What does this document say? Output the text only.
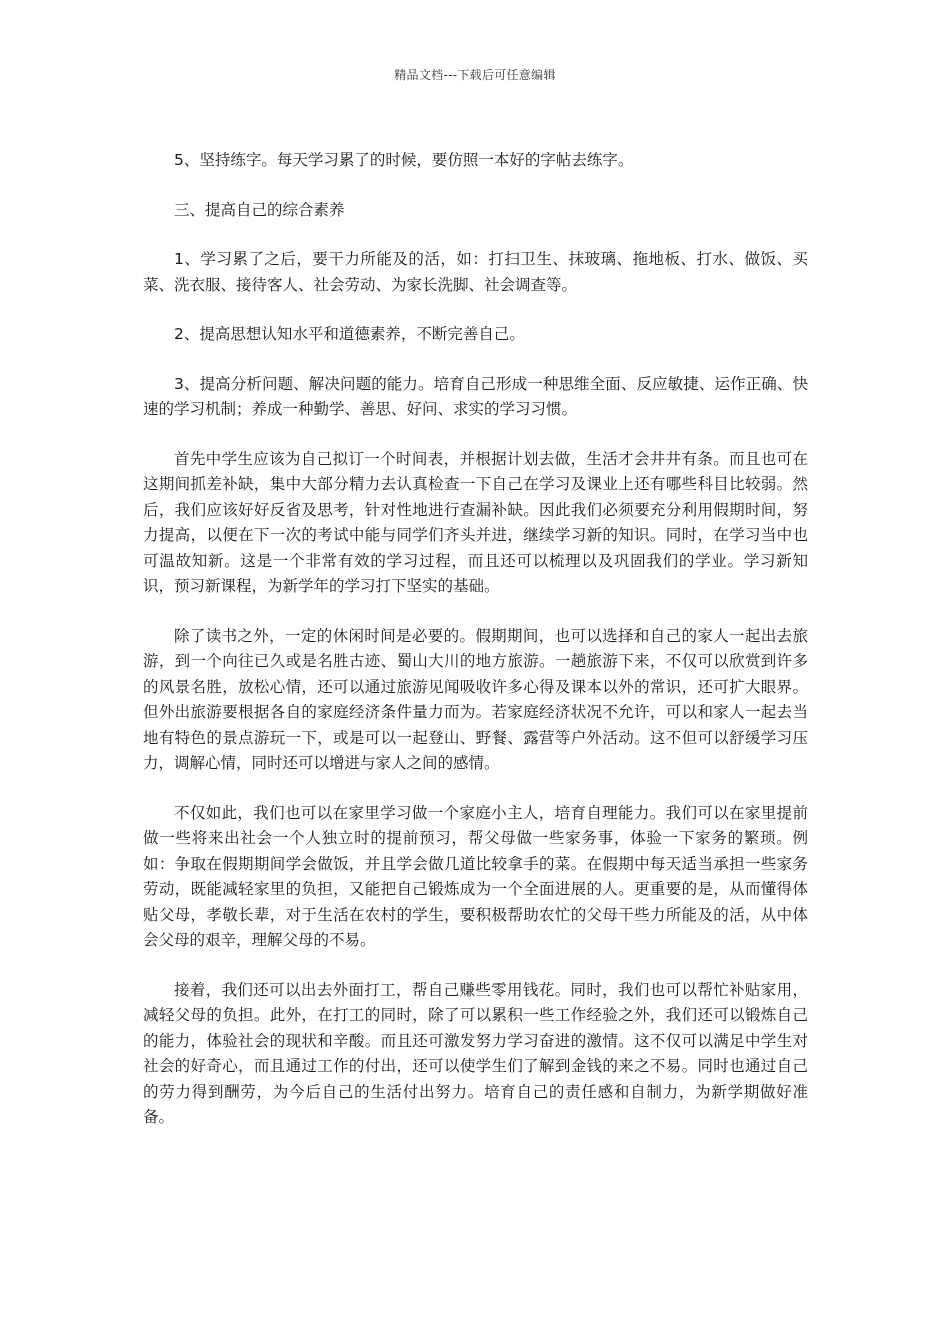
精品文档---下载后可任意编辑

5、坚持练字。每天学习累了的时候，要仿照一本好的字帖去练字。

三、提高自己的综合素养

1、学习累了之后，要干力所能及的活，如：打扫卫生、抹玻璃、拖地板、打水、做饭、买菜、洗衣服、接待客人、社会劳动、为家长洗脚、社会调查等。

2、提高思想认知水平和道德素养，不断完善自己。

3、提高分析问题、解决问题的能力。培育自己形成一种思维全面、反应敏捷、运作正确、快速的学习机制；养成一种勤学、善思、好问、求实的学习习惯。

首先中学生应该为自己拟订一个时间表，并根据计划去做，生活才会井井有条。而且也可在这期间抓差补缺，集中大部分精力去认真检查一下自己在学习及课业上还有哪些科目比较弱。然后，我们应该好好反省及思考，针对性地进行查漏补缺。因此我们必须要充分利用假期时间，努力提高，以便在下一次的考试中能与同学们齐头并进，继续学习新的知识。同时，在学习当中也可温故知新。这是一个非常有效的学习过程，而且还可以梳理以及巩固我们的学业。学习新知识，预习新课程，为新学年的学习打下坚实的基础。

除了读书之外，一定的休闲时间是必要的。假期期间，也可以选择和自己的家人一起出去旅游，到一个向往已久或是名胜古迹、蜀山大川的地方旅游。一趟旅游下来，不仅可以欣赏到许多的风景名胜，放松心情，还可以通过旅游见闻吸收许多心得及课本以外的常识，还可扩大眼界。但外出旅游要根据各自的家庭经济条件量力而为。若家庭经济状况不允许，可以和家人一起去当地有特色的景点游玩一下，或是可以一起登山、野餐、露营等户外活动。这不但可以舒缓学习压力，调解心情，同时还可以增进与家人之间的感情。

不仅如此，我们也可以在家里学习做一个家庭小主人，培育自理能力。我们可以在家里提前做一些将来出社会一个人独立时的提前预习，帮父母做一些家务事，体验一下家务的繁琐。例如：争取在假期期间学会做饭，并且学会做几道比较拿手的菜。在假期中每天适当承担一些家务劳动，既能减轻家里的负担，又能把自己锻炼成为一个全面进展的人。更重要的是，从而懂得体贴父母，孝敬长辈，对于生活在农村的学生，要积极帮助农忙的父母干些力所能及的活，从中体会父母的艰辛，理解父母的不易。

接着，我们还可以出去外面打工，帮自己赚些零用钱花。同时，我们也可以帮忙补贴家用，减轻父母的负担。此外，在打工的同时，除了可以累积一些工作经验之外，我们还可以锻炼自己的能力，体验社会的现状和辛酸。而且还可激发努力学习奋进的激情。这不仅可以满足中学生对社会的好奇心，而且通过工作的付出，还可以使学生们了解到金钱的来之不易。同时也通过自己的劳力得到酬劳，为今后自己的生活付出努力。培育自己的责任感和自制力，为新学期做好准备。
